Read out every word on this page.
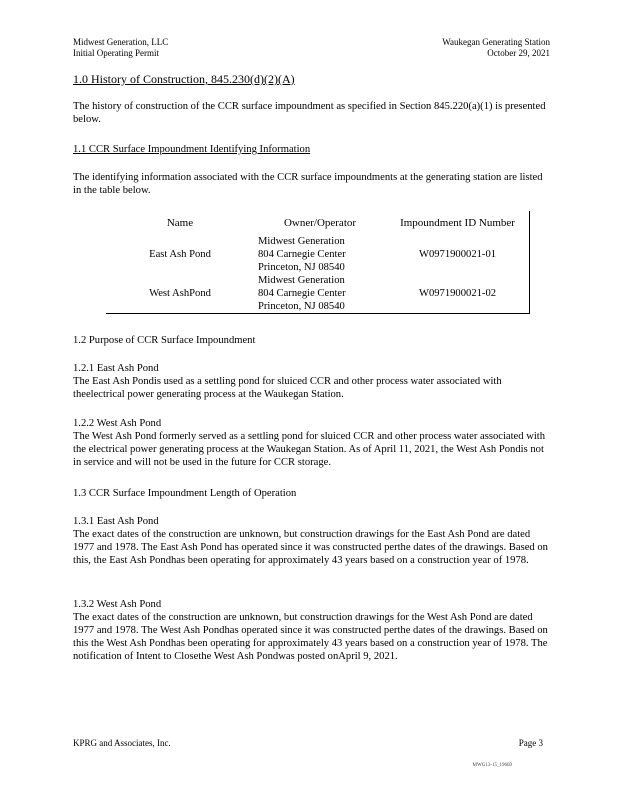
Midwest Generation, LLC
Initial Operating Permit
Waukegan Generating Station
October 29, 2021
1.0 History of Construction, 845.230(d)(2)(A)

The history of construction of the CCR surface impoundment as specified in Section 845.220(a)(1) is presented below.

1.1 CCR Surface Impoundment Identifying Information

The identifying information associated with the CCR surface impoundments at the generating station are listed in the table below.

Name	Owner/Operator	Impoundment ID Number
East Ash Pond	Midwest Generation
804 Carnegie Center
Princeton, NJ 08540	W0971900021-01
West AshPond	Midwest Generation
804 Carnegie Center
Princeton, NJ 08540	W0971900021-02

1.2 Purpose of CCR Surface Impoundment

1.2.1 East Ash Pond

The East Ash Pondis used as a settling pond for sluiced CCR and other process water associated with theelectrical power generating process at the Waukegan Station.

1.2.2 West Ash Pond

The West Ash Pond formerly served as a settling pond for sluiced CCR and other process water associated with the electrical power generating process at the Waukegan Station. As of April 11, 2021, the West Ash Pondis not in service and will not be used in the future for CCR storage.

1.3 CCR Surface Impoundment Length of Operation

1.3.1 East Ash Pond

The exact dates of the construction are unknown, but construction drawings for the East Ash Pond are dated 1977 and 1978. The East Ash Pond has operated since it was constructed perthe dates of the drawings. Based on this, the East Ash Pondhas been operating for approximately 43 years based on a construction year of 1978.

1.3.2 West Ash Pond

The exact dates of the construction are unknown, but construction drawings for the West Ash Pond are dated 1977 and 1978. The West Ash Pondhas operated since it was constructed perthe dates of the drawings. Based on this the West Ash Pondhas been operating for approximately 43 years based on a construction year of 1978. The notification of Intent to Closethe West Ash Pondwas posted onApril 9, 2021.

KPRG and Associates, Inc.	Page 3
MWG13-15_19669
